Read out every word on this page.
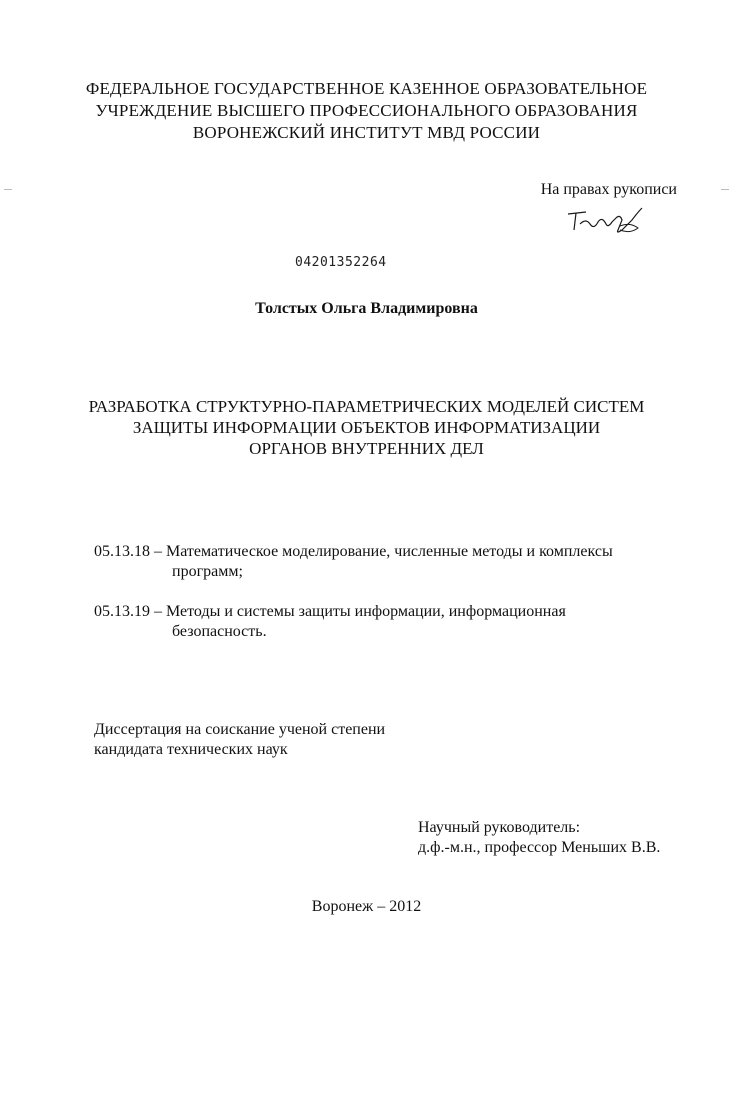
ФЕДЕРАЛЬНОЕ ГОСУДАРСТВЕННОЕ КАЗЕННОЕ ОБРАЗОВАТЕЛЬНОЕ
УЧРЕЖДЕНИЕ ВЫСШЕГО ПРОФЕССИОНАЛЬНОГО ОБРАЗОВАНИЯ
ВОРОНЕЖСКИЙ ИНСТИТУТ МВД РОССИИ
На правах рукописи
04201352264
Толстых Ольга Владимировна
РАЗРАБОТКА СТРУКТУРНО-ПАРАМЕТРИЧЕСКИХ МОДЕЛЕЙ СИСТЕМ
ЗАЩИТЫ ИНФОРМАЦИИ ОБЪЕКТОВ ИНФОРМАТИЗАЦИИ
ОРГАНОВ ВНУТРЕННИХ ДЕЛ
05.13.18 – Математическое моделирование, численные методы и комплексы
программ;
05.13.19 – Методы и системы защиты информации, информационная
безопасность.
Диссертация на соискание ученой степени
кандидата технических наук
Научный руководитель:
д.ф.-м.н., профессор Меньших В.В.
Воронеж – 2012
